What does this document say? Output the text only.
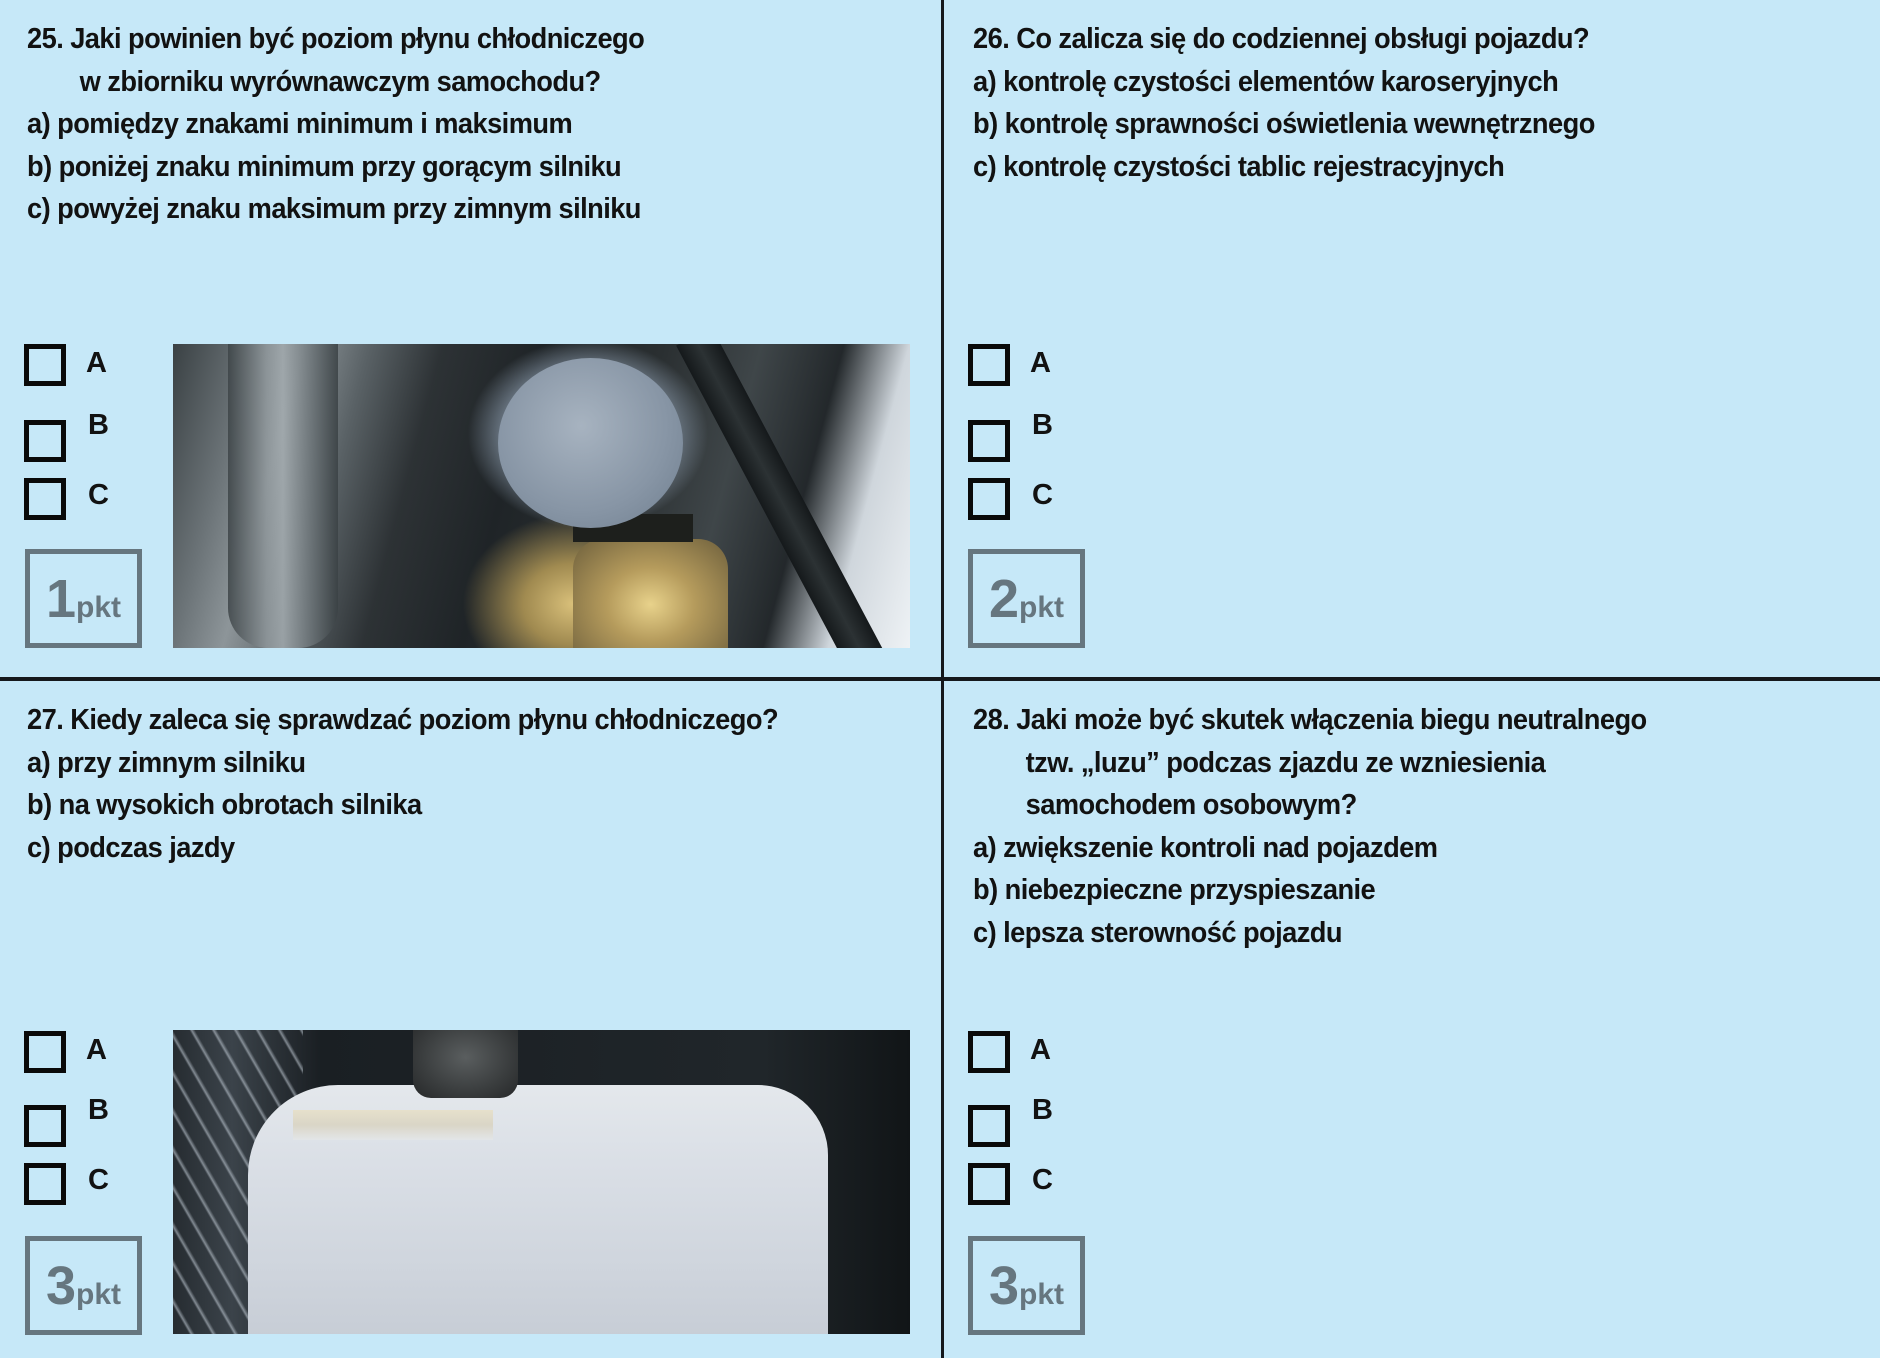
25. Jaki powinien być poziom płynu chłodniczego
w zbiorniku wyrównawczym samochodu?
a) pomiędzy znakami minimum i maksimum
b) poniżej znaku minimum przy gorącym silniku
c) powyżej znaku maksimum przy zimnym silniku
A
B
C
1 pkt
26. Co zalicza się do codziennej obsługi pojazdu?
a) kontrolę czystości elementów karoseryjnych
b) kontrolę sprawności oświetlenia wewnętrznego
c) kontrolę czystości tablic rejestracyjnych
A
B
C
2 pkt
27. Kiedy zaleca się sprawdzać poziom płynu chłodniczego?
a) przy zimnym silniku
b) na wysokich obrotach silnika
c) podczas jazdy
A
B
C
3 pkt
28. Jaki może być skutek włączenia biegu neutralnego
tzw. „luzu” podczas zjazdu ze wzniesienia
samochodem osobowym?
a) zwiększenie kontroli nad pojazdem
b) niebezpieczne przyspieszanie
c) lepsza sterowność pojazdu
A
B
C
3 pkt
